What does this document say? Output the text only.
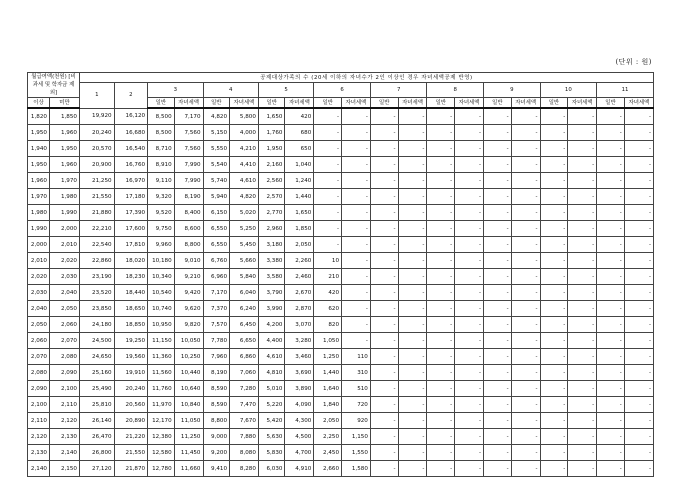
(단위 : 원)
월급여액(천원) [비과세 및 학자금 제외]		공제대상가족의 수 (20세 이하의 자녀수가 2인 이상인 경우 자녀세액공제 반영)																			
		1	2	3		4		5		6		7		8		9		10		11	
이상	미만			일반	자녀세액	일반	자녀세액	일반	자녀세액	일반	자녀세액	일반	자녀세액	일반	자녀세액	일반	자녀세액	일반	자녀세액	일반	자녀세액
1,820	1,850	19,920	16,120	8,500	7,170	4,820	5,800	1,650	420	-	-	-	-	-	-	-	-	-	-	-	-
1,950	1,960	20,240	16,680	8,500	7,560	5,150	4,000	1,760	680	-	-	-	-	-	-	-	-	-	-	-	-
1,940	1,950	20,570	16,540	8,710	7,560	5,550	4,210	1,950	650	-	-	-	-	-	-	-	-	-	-	-	-
1,950	1,960	20,900	16,760	8,910	7,990	5,540	4,410	2,160	1,040	-	-	-	-	-	-	-	-	-	-	-	-
1,960	1,970	21,250	16,970	9,110	7,990	5,740	4,610	2,560	1,240	-	-	-	-	-	-	-	-	-	-	-	-
1,970	1,980	21,550	17,180	9,320	8,190	5,940	4,820	2,570	1,440	-	-	-	-	-	-	-	-	-	-	-	-
1,980	1,990	21,880	17,390	9,520	8,400	6,150	5,020	2,770	1,650	-	-	-	-	-	-	-	-	-	-	-	-
1,990	2,000	22,210	17,600	9,750	8,600	6,550	5,250	2,960	1,850	-	-	-	-	-	-	-	-	-	-	-	-
2,000	2,010	22,540	17,810	9,960	8,800	6,550	5,450	3,180	2,050	-	-	-	-	-	-	-	-	-	-	-	-
2,010	2,020	22,860	18,020	10,180	9,010	6,760	5,660	3,380	2,260	10	-	-	-	-	-	-	-	-	-	-	-
2,020	2,030	23,190	18,230	10,340	9,210	6,960	5,840	3,580	2,460	210	-	-	-	-	-	-	-	-	-	-	-
2,030	2,040	23,520	18,440	10,540	9,420	7,170	6,040	3,790	2,670	420	-	-	-	-	-	-	-	-	-	-	-
2,040	2,050	23,850	18,650	10,740	9,620	7,370	6,240	3,990	2,870	620	-	-	-	-	-	-	-	-	-	-	-
2,050	2,060	24,180	18,850	10,950	9,820	7,570	6,450	4,200	3,070	820	-	-	-	-	-	-	-	-	-	-	-
2,060	2,070	24,500	19,250	11,150	10,050	7,780	6,650	4,400	3,280	1,050	-	-	-	-	-	-	-	-	-	-	-
2,070	2,080	24,650	19,560	11,360	10,250	7,960	6,860	4,610	3,460	1,250	110	-	-	-	-	-	-	-	-	-	-
2,080	2,090	25,160	19,910	11,560	10,440	8,190	7,060	4,810	3,690	1,440	310	-	-	-	-	-	-	-	-	-	-
2,090	2,100	25,490	20,240	11,760	10,640	8,590	7,280	5,010	3,890	1,640	510	-	-	-	-	-	-	-	-	-	-
2,100	2,110	25,810	20,560	11,970	10,840	8,590	7,470	5,220	4,090	1,840	720	-	-	-	-	-	-	-	-	-	-
2,110	2,120	26,140	20,890	12,170	11,050	8,800	7,670	5,420	4,300	2,050	920	-	-	-	-	-	-	-	-	-	-
2,120	2,130	26,470	21,220	12,380	11,250	9,000	7,880	5,630	4,500	2,250	1,150	-	-	-	-	-	-	-	-	-	-
2,130	2,140	26,800	21,550	12,580	11,450	9,200	8,080	5,830	4,700	2,450	1,550	-	-	-	-	-	-	-	-	-	-
2,140	2,150	27,120	21,870	12,780	11,660	9,410	8,280	6,030	4,910	2,660	1,580	-	-	-	-	-	-	-	-	-	-
